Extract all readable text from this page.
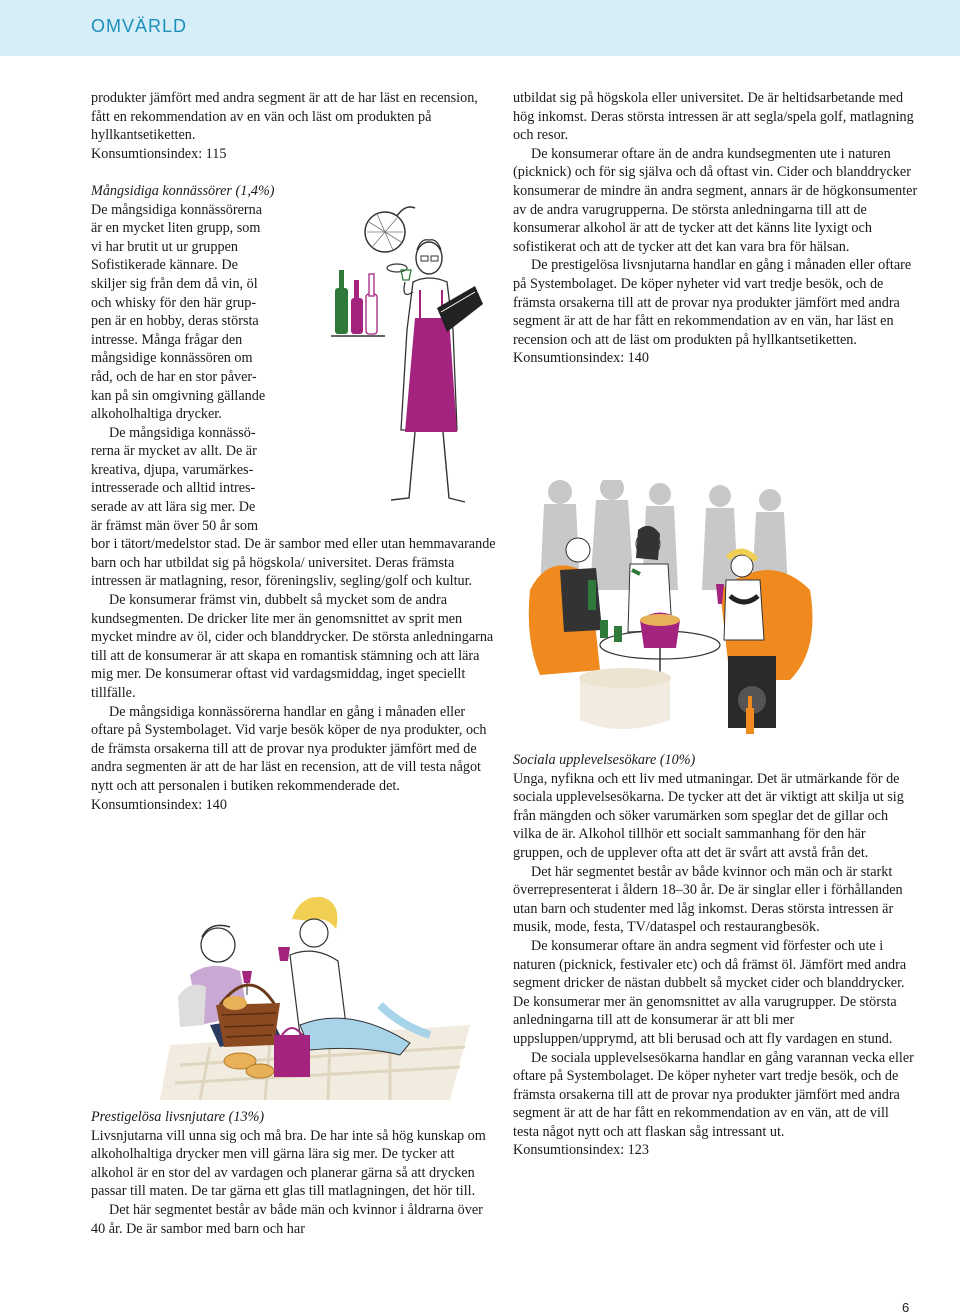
OMVÄRLD

produkter jämfört med andra segment är att de har läst en recension, fått en rekommendation av en vän och läst om produkten på hyllkantsetiketten.

Konsumtionsindex: 115

Mångsidiga konnässörer (1,4%)

De mångsidiga konnässörerna
är en mycket liten grupp, som
vi har brutit ut ur gruppen
Sofistikerade kännare. De
skiljer sig från dem då vin, öl
och whisky för den här grup-
pen är en hobby, deras största
intresse. Många frågar den
mångsidige konnässören om
råd, och de har en stor påver-
kan på sin omgivning gällande
alkoholhaltiga drycker.
De mångsidiga konnässö-
rerna är mycket av allt. De är
kreativa, djupa, varumärkes-
intresserade och alltid intres-
serade av att lära sig mer. De
är främst män över 50 år som

bor i tätort/medelstor stad. De är sambor med eller utan hemmavarande barn och har utbildat sig på högskola/ universitet. Deras främsta intressen är matlagning, resor, föreningsliv, segling/golf och kultur.

De konsumerar främst vin, dubbelt så mycket som de andra kundsegmenten. De dricker lite mer än genomsnittet av sprit men mycket mindre av öl, cider och blanddrycker. De största anledningarna till att de konsumerar är att skapa en romantisk stämning och att lära mig mer. De konsumerar oftast vid vardagsmiddag, inget speciellt tillfälle.

De mångsidiga konnässörerna handlar en gång i månaden eller oftare på Systembolaget. Vid varje besök köper de nya produkter, och de främsta orsakerna till att de provar nya produkter jämfört med de andra segmenten är att de har läst en recension, att de vill testa något nytt och att personalen i butiken rekommenderade det.

Konsumtionsindex: 140

Prestigelösa livsnjutare (13%)

Livsnjutarna vill unna sig och må bra. De har inte så hög kunskap om alkoholhaltiga drycker men vill gärna lära sig mer. De tycker att alkohol är en stor del av vardagen och planerar gärna så att drycken passar till maten. De tar gärna ett glas till matlagningen, det hör till.

Det här segmentet består av både män och kvinnor i åldrarna över 40 år. De är sambor med barn och har

utbildat sig på högskola eller universitet. De är heltidsarbetande med hög inkomst. Deras största intressen är att segla/spela golf, matlagning och resor.

De konsumerar oftare än de andra kundsegmenten ute i naturen (picknick) och för sig själva och då oftast vin. Cider och blanddrycker konsumerar de mindre än andra segment, annars är de högkonsumenter av de andra varugrupperna. De största anledningarna till att de konsumerar alkohol är att de tycker att det känns lite lyxigt och sofistikerat och att de tycker att det kan vara bra för hälsan.

De prestigelösa livsnjutarna handlar en gång i månaden eller oftare på Systembolaget. De köper nyheter vid vart tredje besök, och de främsta orsakerna till att de provar nya produkter jämfört med andra segment är att de har fått en rekommendation av en vän, har läst en recension och att de läst om produkten på hyllkantsetiketten.

Konsumtionsindex: 140

Sociala upplevelsesökare (10%)

Unga, nyfikna och ett liv med utmaningar. Det är utmärkande för de sociala upplevelsesökarna. De tycker att det är viktigt att skilja ut sig från mängden och söker varumärken som speglar det de gillar och vilka de är. Alkohol tillhör ett socialt sammanhang för den här gruppen, och de upplever ofta att det är svårt att avstå från det.

Det här segmentet består av både kvinnor och män och är starkt överrepresenterat i åldern 18–30 år. De är singlar eller i förhållanden utan barn och studenter med låg inkomst. Deras största intressen är musik, mode, festa, TV/dataspel och restaurangbesök.

De konsumerar oftare än andra segment vid förfester och ute i naturen (picknick, festivaler etc) och då främst öl. Jämfört med andra segment dricker de nästan dubbelt så mycket cider och blanddrycker. De konsumerar mer än genomsnittet av alla varugrupper. De största anledningarna till att de konsumerar är att bli mer uppsluppen/upprymd, att bli berusad och att fly vardagen en stund.

De sociala upplevelsesökarna handlar en gång varannan vecka eller oftare på Systembolaget. De köper nyheter vart tredje besök, och de främsta orsakerna till att de provar nya produkter jämfört med andra segment är att de har fått en rekommendation av en vän, att de vill testa något nytt och att flaskan såg intressant ut.

Konsumtionsindex: 123

6
